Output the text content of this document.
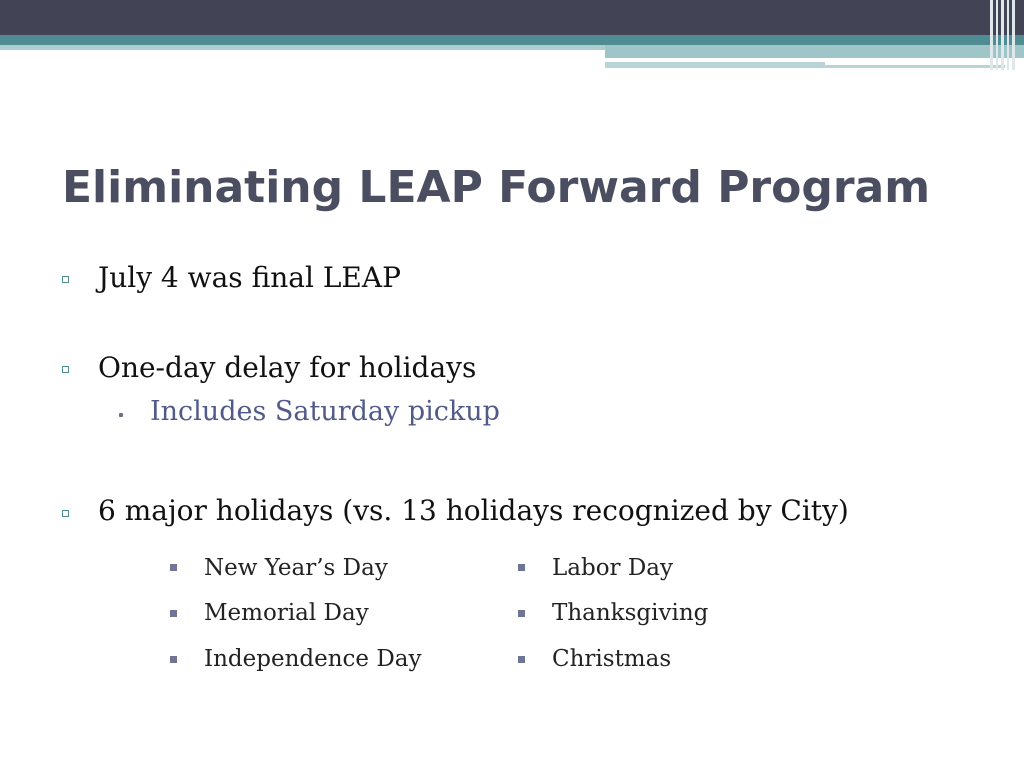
Eliminating LEAP Forward Program
July 4 was final LEAP
One-day delay for holidays
Includes Saturday pickup
6 major holidays (vs. 13 holidays recognized by City)
New Year’s Day
Memorial Day
Independence Day
Labor Day
Thanksgiving
Christmas
